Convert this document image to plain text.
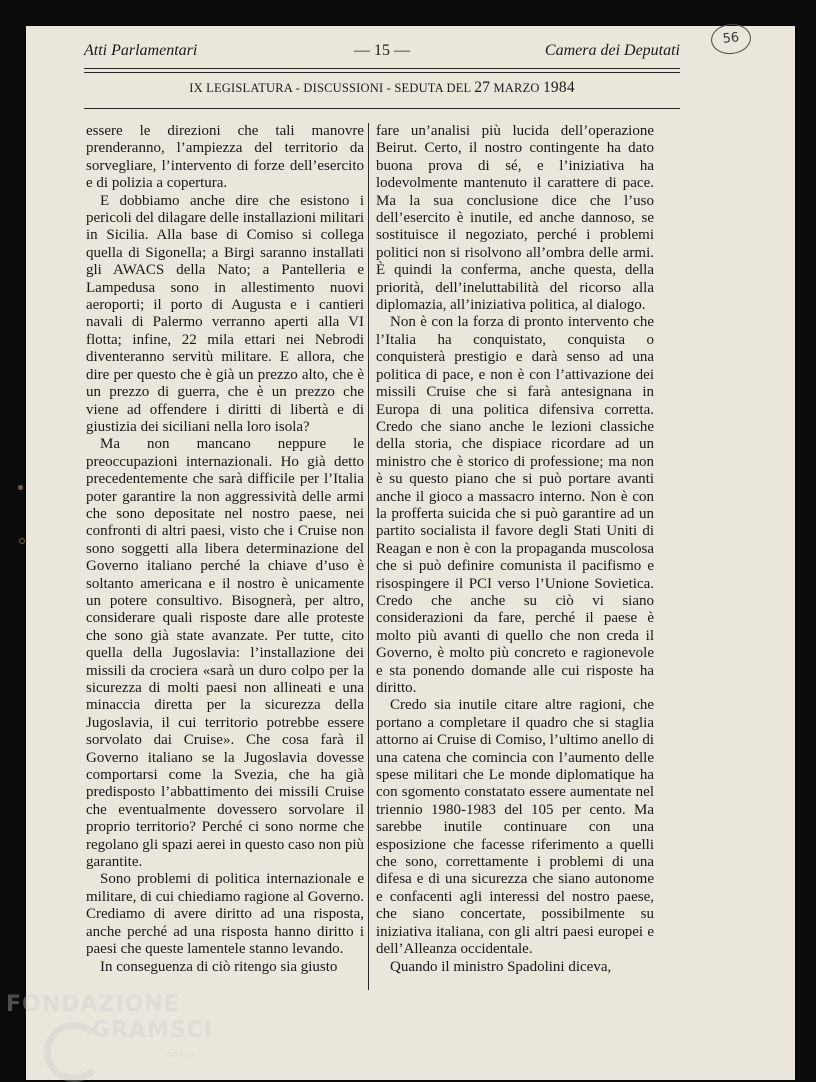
56
Atti Parlamentari	— 15 —	Camera dei Deputati
IX LEGISLATURA - DISCUSSIONI - SEDUTA DEL 27 MARZO 1984

essere le direzioni che tali manovre prenderanno, l’ampiezza del territorio da sorvegliare, l’intervento di forze dell’esercito e di polizia a copertura.

E dobbiamo anche dire che esistono i pericoli del dilagare delle installazioni militari in Sicilia. Alla base di Comiso si collega quella di Sigonella; a Birgi saranno installati gli AWACS della Nato; a Pantelleria e Lampedusa sono in allestimento nuovi aeroporti; il porto di Augusta e i cantieri navali di Palermo verranno aperti alla VI flotta; infine, 22 mila ettari nei Nebrodi diventeranno servitù militare. E allora, che dire per questo che è già un prezzo alto, che è un prezzo di guerra, che è un prezzo che viene ad offendere i diritti di libertà e di giustizia dei siciliani nella loro isola?

Ma non mancano neppure le preoccupazioni internazionali. Ho già detto precedentemente che sarà difficile per l’Italia poter garantire la non aggressività delle armi che sono depositate nel nostro paese, nei confronti di altri paesi, visto che i Cruise non sono soggetti alla libera determinazione del Governo italiano perché la chiave d’uso è soltanto americana e il nostro è unicamente un potere consultivo. Bisognerà, per altro, considerare quali risposte dare alle proteste che sono già state avanzate. Per tutte, cito quella della Jugoslavia: l’installazione dei missili da crociera «sarà un duro colpo per la sicurezza di molti paesi non allineati e una minaccia diretta per la sicurezza della Jugoslavia, il cui territorio potrebbe essere sorvolato dai Cruise». Che cosa farà il Governo italiano se la Jugoslavia dovesse comportarsi come la Svezia, che ha già predisposto l’abbattimento dei missili Cruise che eventualmente dovessero sorvolare il proprio territorio? Perché ci sono norme che regolano gli spazi aerei in questo caso non più garantite.

Sono problemi di politica internazionale e militare, di cui chiediamo ragione al Governo. Crediamo di avere diritto ad una risposta, anche perché ad una risposta hanno diritto i paesi che queste lamentele stanno levando.

In conseguenza di ciò ritengo sia giusto

fare un’analisi più lucida dell’operazione Beirut. Certo, il nostro contingente ha dato buona prova di sé, e l’iniziativa ha lodevolmente mantenuto il carattere di pace. Ma la sua conclusione dice che l’uso dell’esercito è inutile, ed anche dannoso, se sostituisce il negoziato, perché i problemi politici non si risolvono all’ombra delle armi. È quindi la conferma, anche questa, della priorità, dell’ineluttabilità del ricorso alla diplomazia, all’iniziativa politica, al dialogo.

Non è con la forza di pronto intervento che l’Italia ha conquistato, conquista o conquisterà prestigio e darà senso ad una politica di pace, e non è con l’attivazione dei missili Cruise che si farà antesignana in Europa di una politica difensiva corretta. Credo che siano anche le lezioni classiche della storia, che dispiace ricordare ad un ministro che è storico di professione; ma non è su questo piano che si può portare avanti anche il gioco a massacro interno. Non è con la profferta suicida che si può garantire ad un partito socialista il favore degli Stati Uniti di Reagan e non è con la propaganda muscolosa che si può definire comunista il pacifismo e risospingere il PCI verso l’Unione Sovietica. Credo che anche su ciò vi siano considerazioni da fare, perché il paese è molto più avanti di quello che non creda il Governo, è molto più concreto e ragionevole e sta ponendo domande alle cui risposte ha diritto.

Credo sia inutile citare altre ragioni, che portano a completare il quadro che si staglia attorno ai Cruise di Comiso, l’ultimo anello di una catena che comincia con l’aumento delle spese militari che Le monde diplomatique ha con sgomento constatato essere aumentate nel triennio 1980-1983 del 105 per cento. Ma sarebbe inutile continuare con una esposizione che facesse riferimento a quelli che sono, correttamente i problemi di una difesa e di una sicurezza che siano autonome e confacenti agli interessi del nostro paese, che siano concertate, possibilmente su iniziativa italiana, con gli altri paesi europei e dell’Alleanza occidentale.

Quando il ministro Spadolini diceva,

FONDAZIONE
GRAMSCI
onlus
